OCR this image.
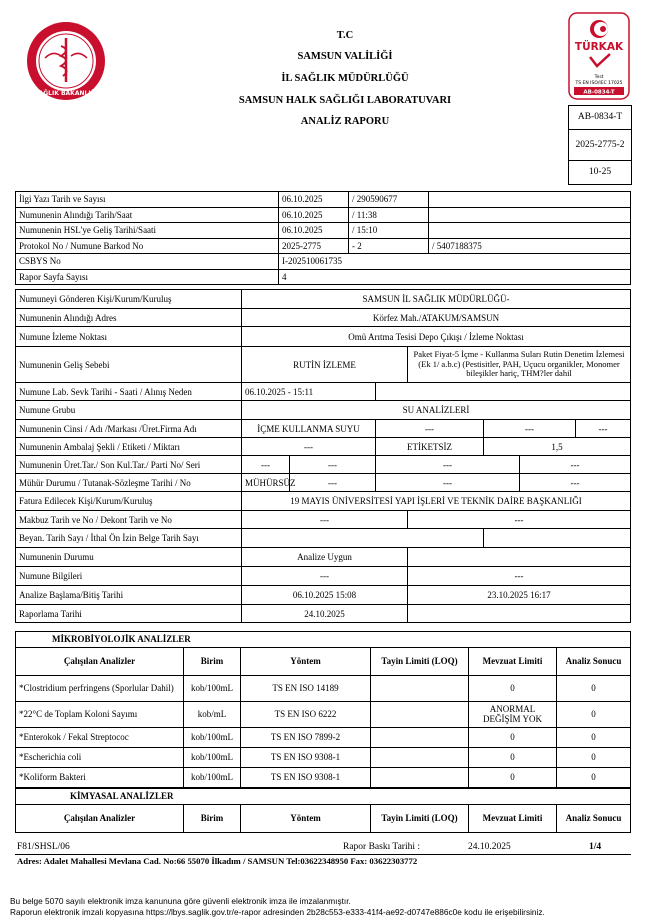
SAĞLIK BAKANLIĞI
T.C
SAMSUN VALİLİĞİ
İL SAĞLIK MÜDÜRLÜĞÜ
SAMSUN HALK SAĞLIĞI LABORATUVARI
ANALİZ RAPORU
TÜRKAK
Test
TS EN ISO/IEC 17025
AB-0834-T
AB-0834-T
2025-2775-2
10-25
İlgi Yazı Tarih ve Sayısı	06.10.2025	/ 290590677	
Numunenin Alındığı Tarih/Saat	06.10.2025	/ 11:38	
Numunenin HSL'ye Geliş Tarihi/Saati	06.10.2025	/ 15:10	
Protokol No / Numune Barkod No	2025-2775	- 2	/ 5407188375
CSBYS No	I-202510061735		
Rapor Sayfa Sayısı	4		
Numuneyi Gönderen Kişi/Kurum/Kuruluş	SAMSUN İL SAĞLIK MÜDÜRLÜĞÜ-						
Numunenin Alındığı Adres	Körfez Mah./ATAKUM/SAMSUN						
Numune İzleme Noktası	Omü Arıtma Tesisi Depo Çıkışı / İzleme Noktası						
Numunenin Geliş Sebebi	RUTİN İZLEME			Paket Fiyat-5 İçme - Kullanma Suları Rutin Denetim İzlemesi (Ek 1/ a.b.c) (Pestisitler, PAH, Uçucu organikler, Monomer bileşikler hariç, THM?ler dahil			
Numune Lab. Sevk Tarihi - Saati / Alınış Neden	06.10.2025 - 15:11						
Numune Grubu	SU ANALİZLERİ						
Numunenin Cinsi / Adı /Markası /Üret.Firma Adı	İÇME KULLANMA SUYU		---		---		---
Numunenin Ambalaj Şekli / Etiketi / Miktarı	---		ETİKETSİZ		1,5		
Numunenin Üret.Tar./ Son Kul.Tar./ Parti No/ Seri	---	---	---			---	
Mühür Durumu / Tutanak-Sözleşme Tarihi / No	MÜHÜRSÜZ	---	---			---	
Fatura Edilecek Kişi/Kurum/Kuruluş	19 MAYIS ÜNİVERSİTESİ YAPI İŞLERİ VE TEKNİK DAİRE BAŞKANLIĞI						
Makbuz Tarih ve No / Dekont Tarih ve No	---			---			
Beyan. Tarih Sayı / İthal Ön İzin Belge Tarih Sayı							
Numunenin Durumu	Analize Uygun						
Numune Bilgileri	---			---			
Analize Başlama/Bitiş Tarihi	06.10.2025 15:08			23.10.2025 16:17			
Raporlama Tarihi	24.10.2025						
MİKROBİYOLOJİK ANALİZLER					
Çalışılan Analizler	Birim	Yöntem	Tayin Limiti (LOQ)	Mevzuat Limiti	Analiz Sonucu
*Clostridium perfringens (Sporlular Dahil)	kob/100mL	TS EN ISO 14189		0	0
*22°C de Toplam Koloni Sayımı	kob/mL	TS EN ISO 6222		ANORMAL DEĞİŞİM YOK	0
*Enterokok / Fekal Streptococ	kob/100mL	TS EN ISO 7899-2		0	0
*Escherichia coli	kob/100mL	TS EN ISO 9308-1		0	0
*Koliform Bakteri	kob/100mL	TS EN ISO 9308-1		0	0
KİMYASAL ANALİZLER
Çalışılan Analizler	Birim	Yöntem	Tayin Limiti (LOQ)	Mevzuat Limiti	Analiz Sonucu
F81/SHSL/06	Rapor Baskı Tarihi :	24.10.2025	1/4
Adres: Adalet Mahallesi Mevlana Cad. No:66 55070 İlkadım / SAMSUN Tel:03622348950 Fax: 03622303772
Bu belge 5070 sayılı elektronik imza kanununa göre güvenli elektronik imza ile imzalanmıştır.
Raporun elektronik imzalı kopyasına https://lbys.saglik.gov.tr/e-rapor adresinden 2b28c553-e333-41f4-ae92-d0747e886c0e kodu ile erişebilirsiniz.
